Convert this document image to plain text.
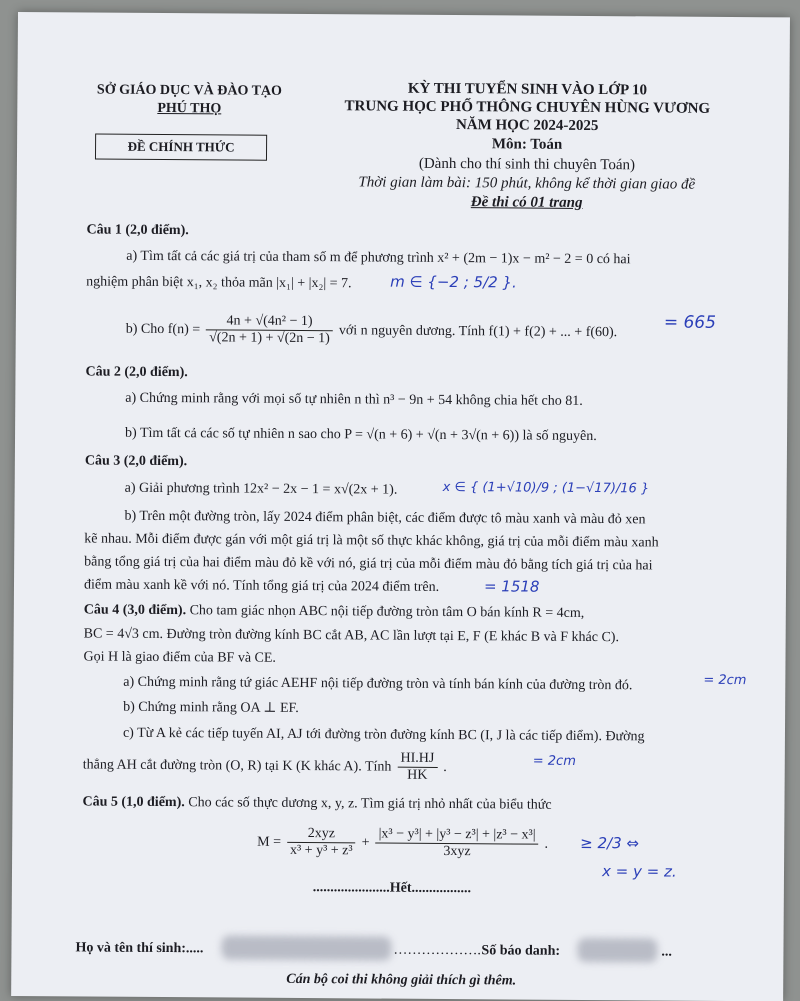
SỞ GIÁO DỤC VÀ ĐÀO TẠO
PHÚ THỌ
ĐỀ CHÍNH THỨC
KỲ THI TUYỂN SINH VÀO LỚP 10
TRUNG HỌC PHỔ THÔNG CHUYÊN HÙNG VƯƠNG
NĂM HỌC 2024-2025
Môn: Toán
(Dành cho thí sinh thi chuyên Toán)
Thời gian làm bài: 150 phút, không kể thời gian giao đề
Đề thi có 01 trang
Câu 1 (2,0 điểm).
a) Tìm tất cả các giá trị của tham số m để phương trình x² + (2m − 1)x − m² − 2 = 0 có hai
nghiệm phân biệt x₁, x₂ thỏa mãn |x₁| + |x₂| = 7.	m ∈ {−2 ; 5/2 }.
b) Cho $f(n) = \frac{\text{4n + √(4n² − 1)}}{√(2n + 1) + √(2n - 1)}$ với n nguyên dương. Tính f(1) + f(2) + ... + f(60).	= 665
Câu 2 (2,0 điểm).
a) Chứng minh rằng với mọi số tự nhiên n thì n³ − 9n + 54 không chia hết cho 81.
b) Tìm tất cả các số tự nhiên n sao cho P = √(n + 6) + √(n + 3√(n + 6)) là số nguyên.
Câu 3 (2,0 điểm).
a) Giải phương trình 12x² − 2x − 1 = x√(2x + 1).	x ∈ { (1+√10)/9 ; (1−√17)/16 }
b) Trên một đường tròn, lấy 2024 điểm phân biệt, các điểm được tô màu xanh và màu đỏ xen
kẽ nhau. Mỗi điểm được gán với một giá trị là một số thực khác không, giá trị của mỗi điểm màu xanh
bằng tổng giá trị của hai điểm màu đỏ kề với nó, giá trị của mỗi điểm màu đỏ bằng tích giá trị của hai
điểm màu xanh kề với nó. Tính tổng giá trị của 2024 điểm trên.	= 1518
Câu 4 (3,0 điểm). Cho tam giác nhọn ABC nội tiếp đường tròn tâm O bán kính R = 4cm,
BC = 4√3 cm. Đường tròn đường kính BC cắt AB, AC lần lượt tại E, F (E khác B và F khác C).
Gọi H là giao điểm của BF và CE.
a) Chứng minh rằng tứ giác AEHF nội tiếp đường tròn và tính bán kính của đường tròn đó.	= 2cm
b) Chứng minh rằng OA ⊥ EF.
c) Từ A kẻ các tiếp tuyến AI, AJ tới đường tròn đường kính BC (I, J là các tiếp điểm). Đường
thẳng AH cắt đường tròn (O, R) tại K (K khác A). Tính $\frac{HI.HJ}{HK}$ .	= 2cm
Câu 5 (1,0 điểm). Cho các số thực dương x, y, z. Tìm giá trị nhỏ nhất của biểu thức
$M = \frac{\text{2xyz}}{\text{x³ + y³ + z³}} + \frac{\text{|x³ − y³| + |y³ − z³| + |z³ − x³|}}{\text{3xyz}}$ . ≥ 2/3 ⇔
x = y = z.
......................Hết.................
Họ và tên thí sinh:.....	………………. Số báo danh:	...
Cán bộ coi thi không giải thích gì thêm.
